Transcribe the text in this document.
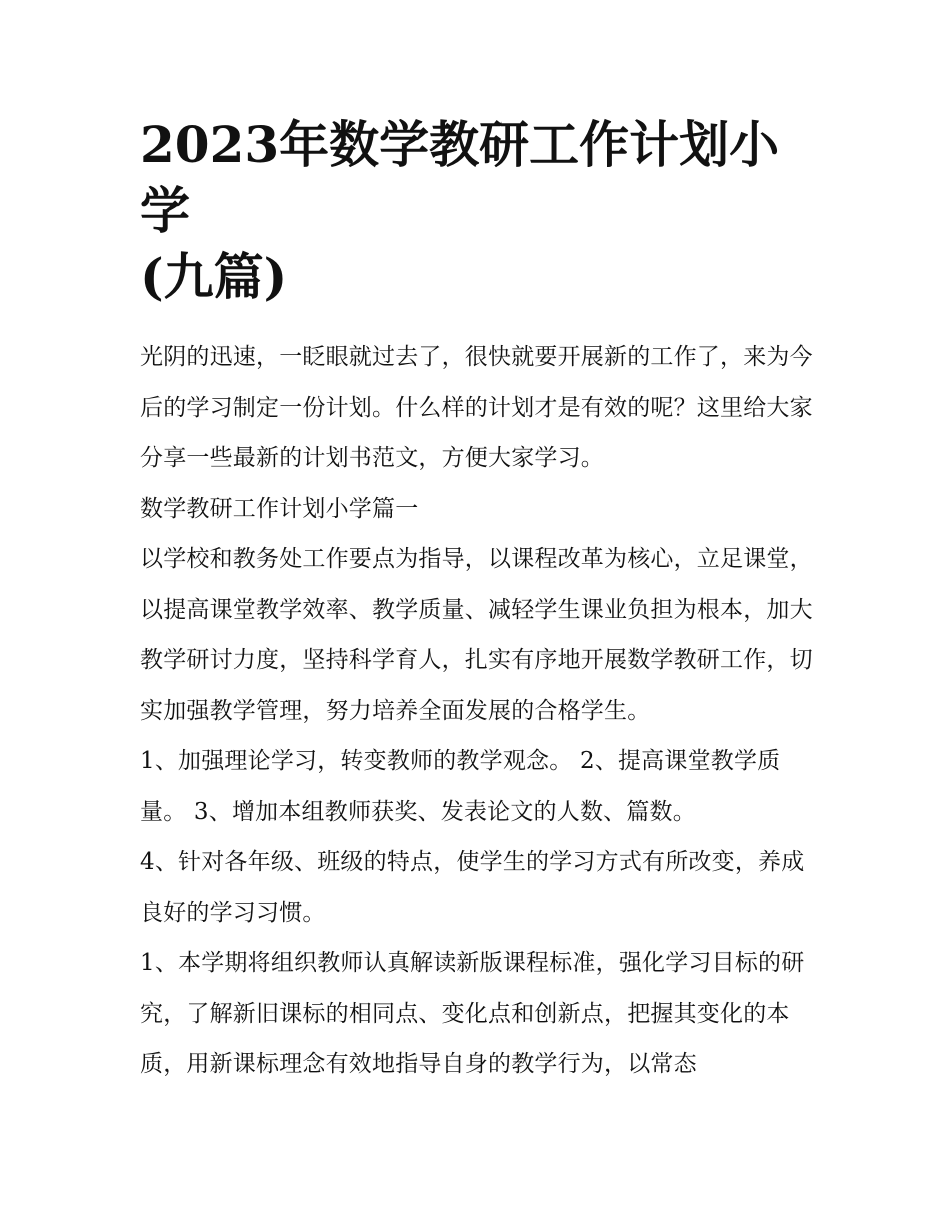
2023年数学教研工作计划小学
(九篇)

光阴的迅速，一眨眼就过去了，很快就要开展新的工作了，来为今后的学习制定一份计划。什么样的计划才是有效的呢？这里给大家分享一些最新的计划书范文，方便大家学习。

数学教研工作计划小学篇一

以学校和教务处工作要点为指导，以课程改革为核心，立足课堂，以提高课堂教学效率、教学质量、减轻学生课业负担为根本，加大教学研讨力度，坚持科学育人，扎实有序地开展数学教研工作，切实加强教学管理，努力培养全面发展的合格学生。

1、加强理论学习，转变教师的教学观念。 2、提高课堂教学质量。 3、增加本组教师获奖、发表论文的人数、篇数。

4、针对各年级、班级的特点，使学生的学习方式有所改变，养成良好的学习习惯。

1、本学期将组织教师认真解读新版课程标准，强化学习目标的研究，了解新旧课标的相同点、变化点和创新点，把握其变化的本质，用新课标理念有效地指导自身的教学行为，以常态
